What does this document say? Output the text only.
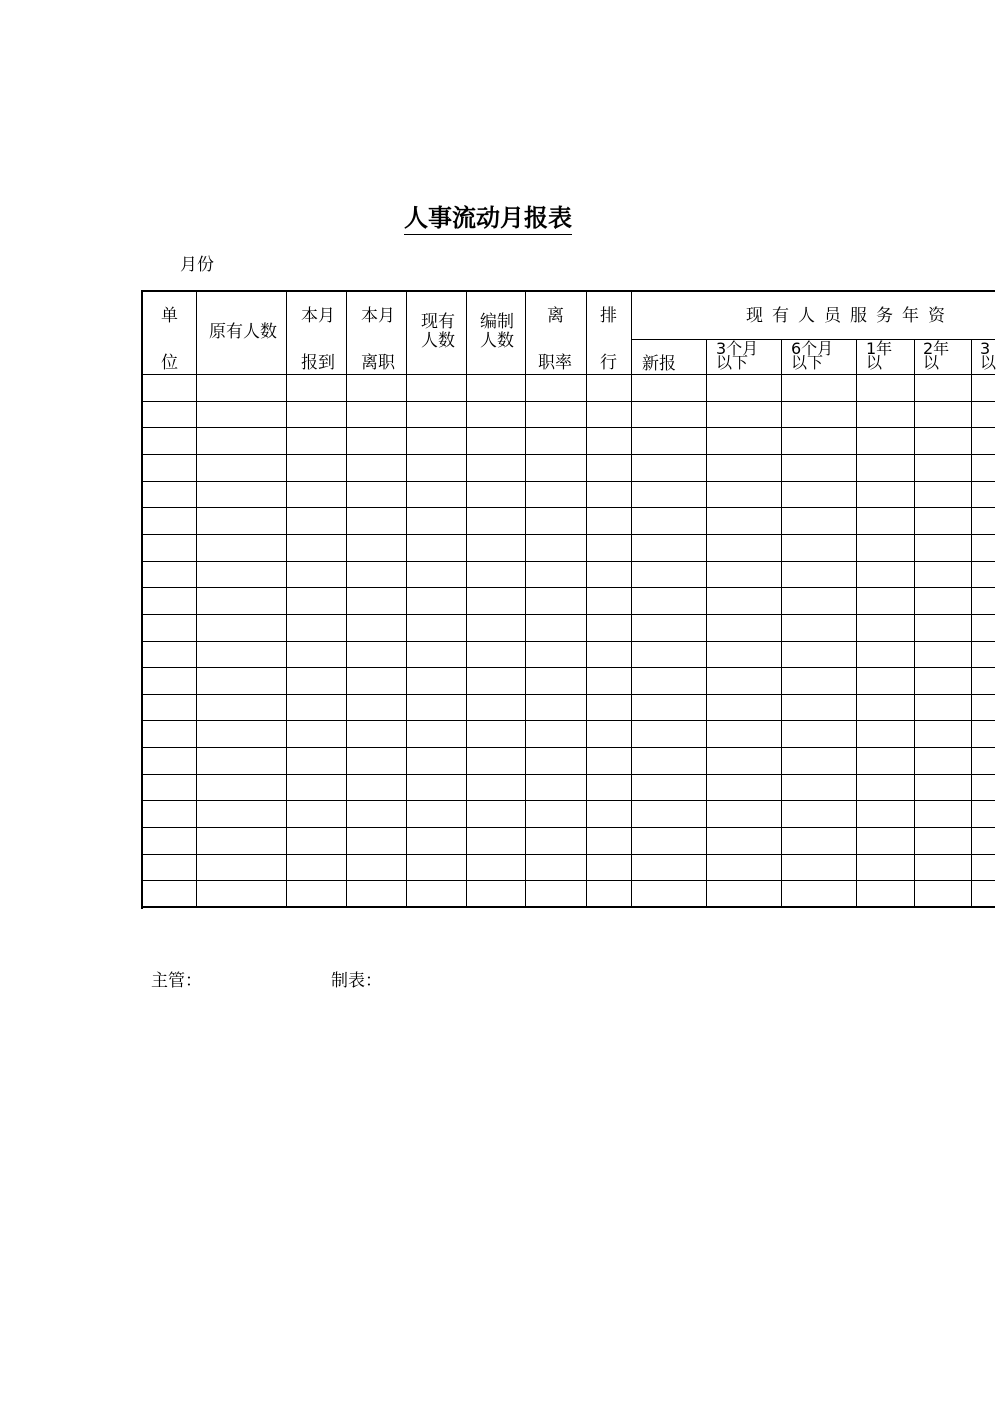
人事流动月报表
月份
单
位
原有人数
本月
报到
本月
离职
现有
人数
编制
人数
离
职率
排
行
现有人员服务年资
新报
3个月
以下
6个月
以下
1年
以
2年
以
3
以
主管：	制表：
